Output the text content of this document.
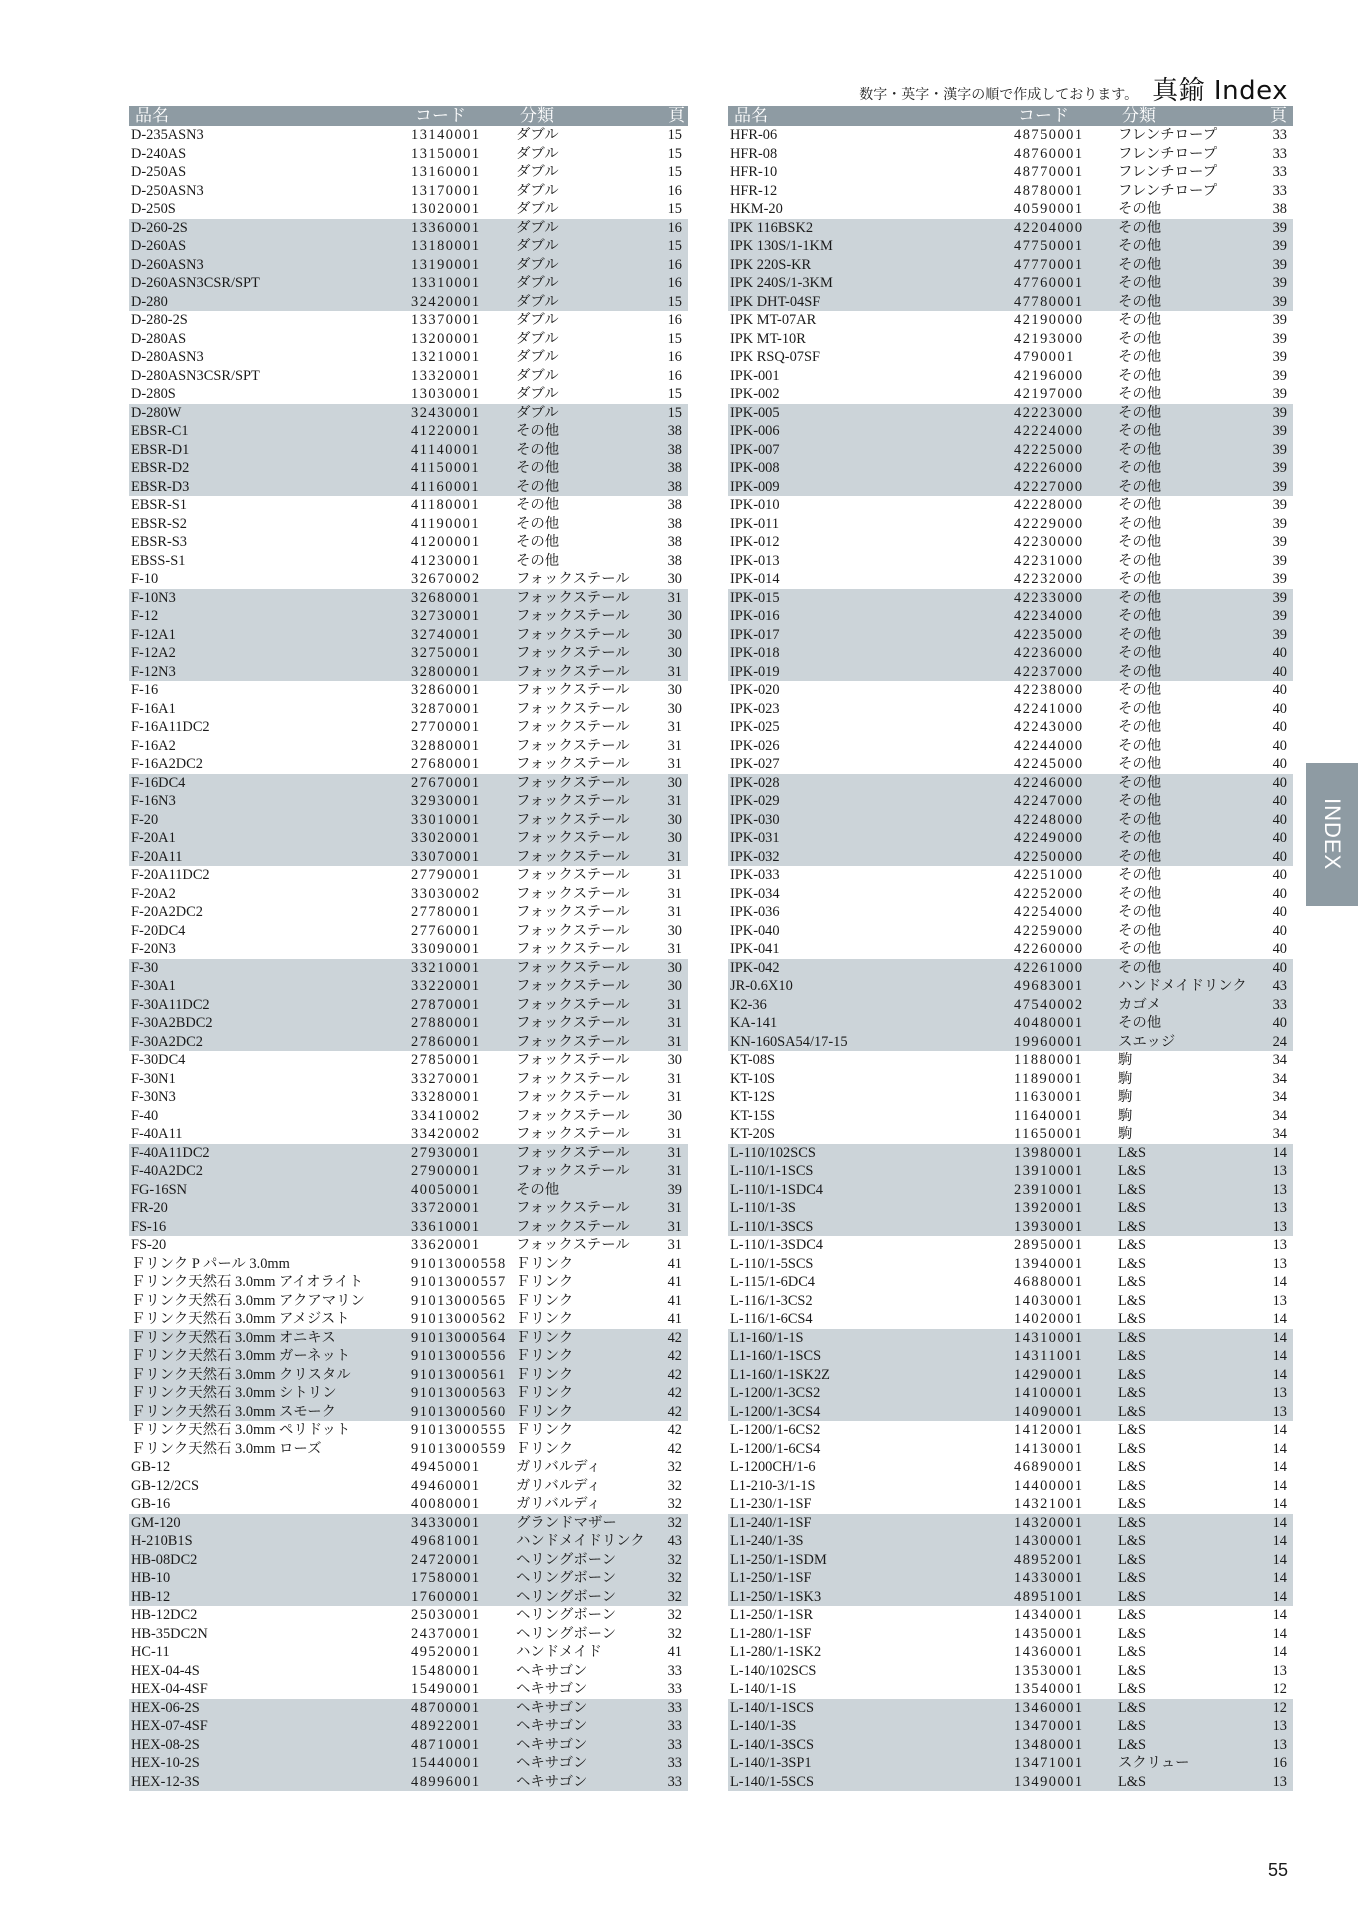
数字・英字・漢字の順で作成しております。 真鍮 Index
品名	コード	分類	頁
D-235ASN3	13140001	ダブル	15
D-240AS	13150001	ダブル	15
D-250AS	13160001	ダブル	15
D-250ASN3	13170001	ダブル	16
D-250S	13020001	ダブル	15
D-260-2S	13360001	ダブル	16
D-260AS	13180001	ダブル	15
D-260ASN3	13190001	ダブル	16
D-260ASN3CSR/SPT	13310001	ダブル	16
D-280	32420001	ダブル	15
D-280-2S	13370001	ダブル	16
D-280AS	13200001	ダブル	15
D-280ASN3	13210001	ダブル	16
D-280ASN3CSR/SPT	13320001	ダブル	16
D-280S	13030001	ダブル	15
D-280W	32430001	ダブル	15
EBSR-C1	41220001	その他	38
EBSR-D1	41140001	その他	38
EBSR-D2	41150001	その他	38
EBSR-D3	41160001	その他	38
EBSR-S1	41180001	その他	38
EBSR-S2	41190001	その他	38
EBSR-S3	41200001	その他	38
EBSS-S1	41230001	その他	38
F-10	32670002	フォックステール	30
F-10N3	32680001	フォックステール	31
F-12	32730001	フォックステール	30
F-12A1	32740001	フォックステール	30
F-12A2	32750001	フォックステール	30
F-12N3	32800001	フォックステール	31
F-16	32860001	フォックステール	30
F-16A1	32870001	フォックステール	30
F-16A11DC2	27700001	フォックステール	31
F-16A2	32880001	フォックステール	31
F-16A2DC2	27680001	フォックステール	31
F-16DC4	27670001	フォックステール	30
F-16N3	32930001	フォックステール	31
F-20	33010001	フォックステール	30
F-20A1	33020001	フォックステール	30
F-20A11	33070001	フォックステール	31
F-20A11DC2	27790001	フォックステール	31
F-20A2	33030002	フォックステール	31
F-20A2DC2	27780001	フォックステール	31
F-20DC4	27760001	フォックステール	30
F-20N3	33090001	フォックステール	31
F-30	33210001	フォックステール	30
F-30A1	33220001	フォックステール	30
F-30A11DC2	27870001	フォックステール	31
F-30A2BDC2	27880001	フォックステール	31
F-30A2DC2	27860001	フォックステール	31
F-30DC4	27850001	フォックステール	30
F-30N1	33270001	フォックステール	31
F-30N3	33280001	フォックステール	31
F-40	33410002	フォックステール	30
F-40A11	33420002	フォックステール	31
F-40A11DC2	27930001	フォックステール	31
F-40A2DC2	27900001	フォックステール	31
FG-16SN	40050001	その他	39
FR-20	33720001	フォックステール	31
FS-16	33610001	フォックステール	31
FS-20	33620001	フォックステール	31
Ｆリンク P パール 3.0mm	91013000558	Ｆリンク	41
Ｆリンク天然石 3.0mm アイオライト	91013000557	Ｆリンク	41
Ｆリンク天然石 3.0mm アクアマリン	91013000565	Ｆリンク	41
Ｆリンク天然石 3.0mm アメジスト	91013000562	Ｆリンク	41
Ｆリンク天然石 3.0mm オニキス	91013000564	Ｆリンク	42
Ｆリンク天然石 3.0mm ガーネット	91013000556	Ｆリンク	42
Ｆリンク天然石 3.0mm クリスタル	91013000561	Ｆリンク	42
Ｆリンク天然石 3.0mm シトリン	91013000563	Ｆリンク	42
Ｆリンク天然石 3.0mm スモーク	91013000560	Ｆリンク	42
Ｆリンク天然石 3.0mm ペリドット	91013000555	Ｆリンク	42
Ｆリンク天然石 3.0mm ローズ	91013000559	Ｆリンク	42
GB-12	49450001	ガリバルディ	32
GB-12/2CS	49460001	ガリバルディ	32
GB-16	40080001	ガリバルディ	32
GM-120	34330001	グランドマザー	32
H-210B1S	49681001	ハンドメイドリンク	43
HB-08DC2	24720001	ヘリングボーン	32
HB-10	17580001	ヘリングボーン	32
HB-12	17600001	ヘリングボーン	32
HB-12DC2	25030001	ヘリングボーン	32
HB-35DC2N	24370001	ヘリングボーン	32
HC-11	49520001	ハンドメイド	41
HEX-04-4S	15480001	ヘキサゴン	33
HEX-04-4SF	15490001	ヘキサゴン	33
HEX-06-2S	48700001	ヘキサゴン	33
HEX-07-4SF	48922001	ヘキサゴン	33
HEX-08-2S	48710001	ヘキサゴン	33
HEX-10-2S	15440001	ヘキサゴン	33
HEX-12-3S	48996001	ヘキサゴン	33
品名	コード	分類	頁
HFR-06	48750001	フレンチロープ	33
HFR-08	48760001	フレンチロープ	33
HFR-10	48770001	フレンチロープ	33
HFR-12	48780001	フレンチロープ	33
HKM-20	40590001	その他	38
IPK 116BSK2	42204000	その他	39
IPK 130S/1-1KM	47750001	その他	39
IPK 220S-KR	47770001	その他	39
IPK 240S/1-3KM	47760001	その他	39
IPK DHT-04SF	47780001	その他	39
IPK MT-07AR	42190000	その他	39
IPK MT-10R	42193000	その他	39
IPK RSQ-07SF	4790001	その他	39
IPK-001	42196000	その他	39
IPK-002	42197000	その他	39
IPK-005	42223000	その他	39
IPK-006	42224000	その他	39
IPK-007	42225000	その他	39
IPK-008	42226000	その他	39
IPK-009	42227000	その他	39
IPK-010	42228000	その他	39
IPK-011	42229000	その他	39
IPK-012	42230000	その他	39
IPK-013	42231000	その他	39
IPK-014	42232000	その他	39
IPK-015	42233000	その他	39
IPK-016	42234000	その他	39
IPK-017	42235000	その他	39
IPK-018	42236000	その他	40
IPK-019	42237000	その他	40
IPK-020	42238000	その他	40
IPK-023	42241000	その他	40
IPK-025	42243000	その他	40
IPK-026	42244000	その他	40
IPK-027	42245000	その他	40
IPK-028	42246000	その他	40
IPK-029	42247000	その他	40
IPK-030	42248000	その他	40
IPK-031	42249000	その他	40
IPK-032	42250000	その他	40
IPK-033	42251000	その他	40
IPK-034	42252000	その他	40
IPK-036	42254000	その他	40
IPK-040	42259000	その他	40
IPK-041	42260000	その他	40
IPK-042	42261000	その他	40
JR-0.6X10	49683001	ハンドメイドリンク	43
K2-36	47540002	カゴメ	33
KA-141	40480001	その他	40
KN-160SA54/17-15	19960001	スエッジ	24
KT-08S	11880001	駒	34
KT-10S	11890001	駒	34
KT-12S	11630001	駒	34
KT-15S	11640001	駒	34
KT-20S	11650001	駒	34
L-110/102SCS	13980001	L&S	14
L-110/1-1SCS	13910001	L&S	13
L-110/1-1SDC4	23910001	L&S	13
L-110/1-3S	13920001	L&S	13
L-110/1-3SCS	13930001	L&S	13
L-110/1-3SDC4	28950001	L&S	13
L-110/1-5SCS	13940001	L&S	13
L-115/1-6DC4	46880001	L&S	14
L-116/1-3CS2	14030001	L&S	13
L-116/1-6CS4	14020001	L&S	14
L1-160/1-1S	14310001	L&S	14
L1-160/1-1SCS	14311001	L&S	14
L1-160/1-1SK2Z	14290001	L&S	14
L-1200/1-3CS2	14100001	L&S	13
L-1200/1-3CS4	14090001	L&S	13
L-1200/1-6CS2	14120001	L&S	14
L-1200/1-6CS4	14130001	L&S	14
L-1200CH/1-6	46890001	L&S	14
L1-210-3/1-1S	14400001	L&S	14
L1-230/1-1SF	14321001	L&S	14
L1-240/1-1SF	14320001	L&S	14
L1-240/1-3S	14300001	L&S	14
L1-250/1-1SDM	48952001	L&S	14
L1-250/1-1SF	14330001	L&S	14
L1-250/1-1SK3	48951001	L&S	14
L1-250/1-1SR	14340001	L&S	14
L1-280/1-1SF	14350001	L&S	14
L1-280/1-1SK2	14360001	L&S	14
L-140/102SCS	13530001	L&S	13
L-140/1-1S	13540001	L&S	12
L-140/1-1SCS	13460001	L&S	12
L-140/1-3S	13470001	L&S	13
L-140/1-3SCS	13480001	L&S	13
L-140/1-3SP1	13471001	スクリュー	16
L-140/1-5SCS	13490001	L&S	13
INDEX
55
